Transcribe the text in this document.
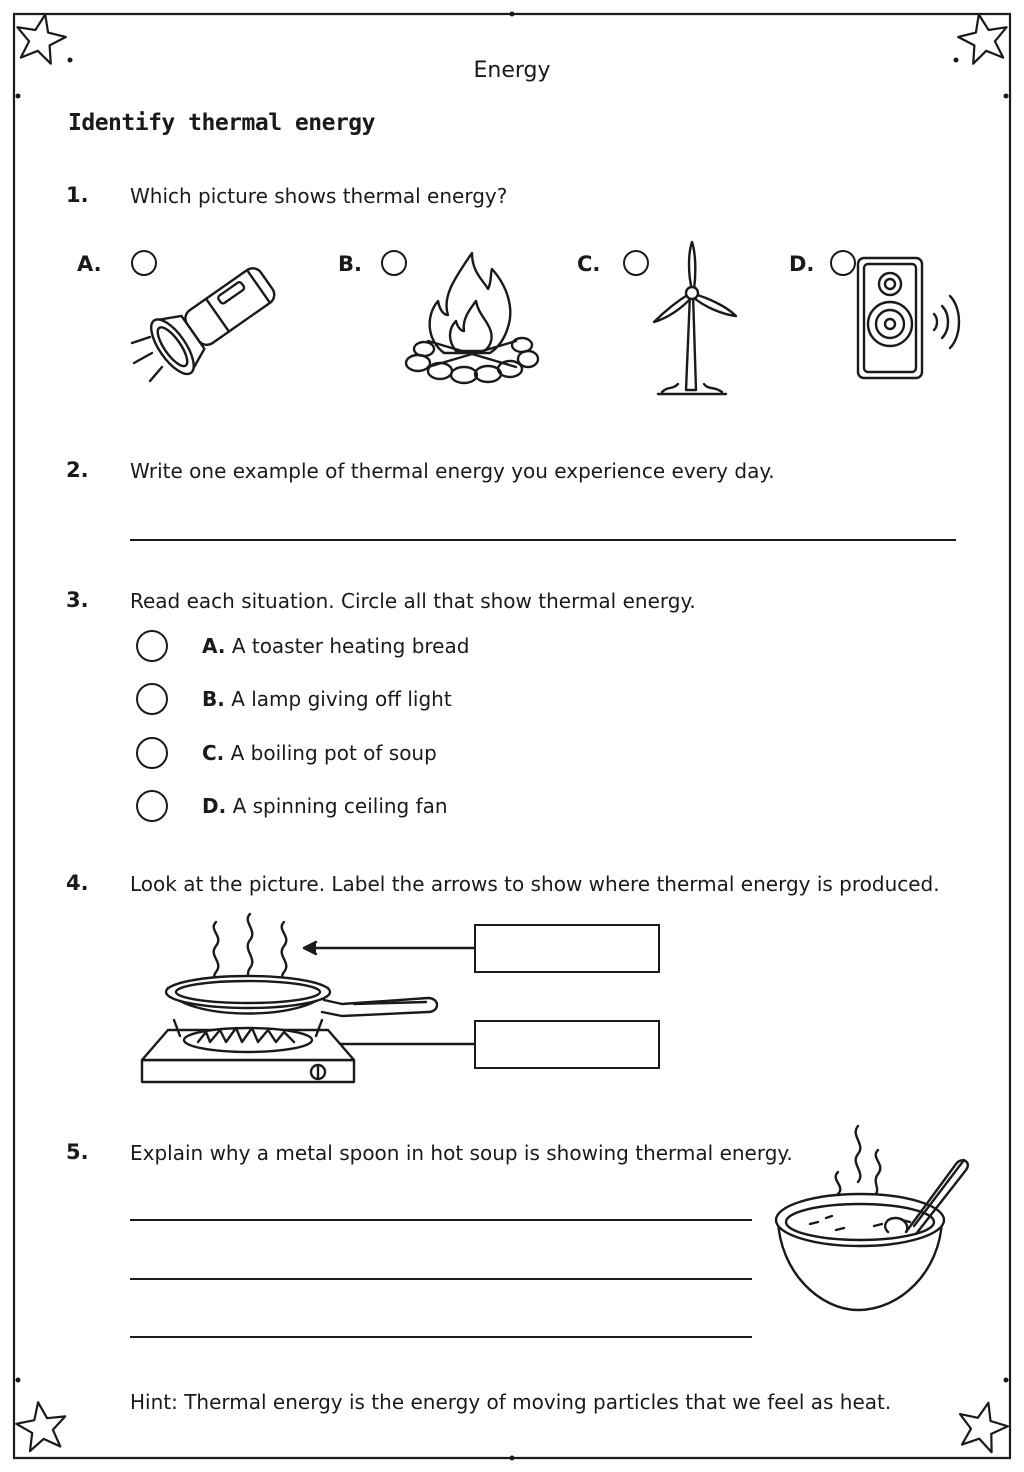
Energy
Identify thermal energy
1. Which picture shows thermal energy?
A.	B.	C.	D.
2. Write one example of thermal energy you experience every day.
3. Read each situation. Circle all that show thermal energy.
A. A toaster heating bread
B. A lamp giving off light
C. A boiling pot of soup
D. A spinning ceiling fan
4. Look at the picture. Label the arrows to show where thermal energy is produced.
5. Explain why a metal spoon in hot soup is showing thermal energy.
Hint: Thermal energy is the energy of moving particles that we feel as heat.
